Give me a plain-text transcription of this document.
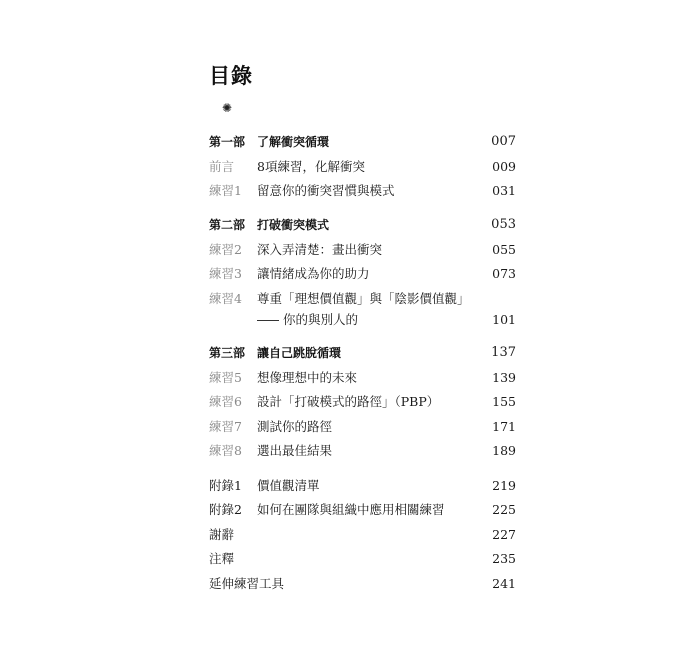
目錄
✺
第一部 了解衝突循環	007
前言	8項練習，化解衝突	009
練習1	留意你的衝突習慣與模式	031
第二部 打破衝突模式	053
練習2	深入弄清楚：畫出衝突	055
練習3	讓情緒成為你的助力	073
練習4	尊重「理想價值觀」與「陰影價值觀」
你的與別人的	101
第三部 讓自己跳脫循環	137
練習5	想像理想中的未來	139
練習6	設計「打破模式的路徑」（PBP）	155
練習7	測試你的路徑	171
練習8	選出最佳結果	189
附錄1	價值觀清單	219
附錄2	如何在團隊與組織中應用相關練習	225
謝辭	227
注釋	235
延伸練習工具	241
